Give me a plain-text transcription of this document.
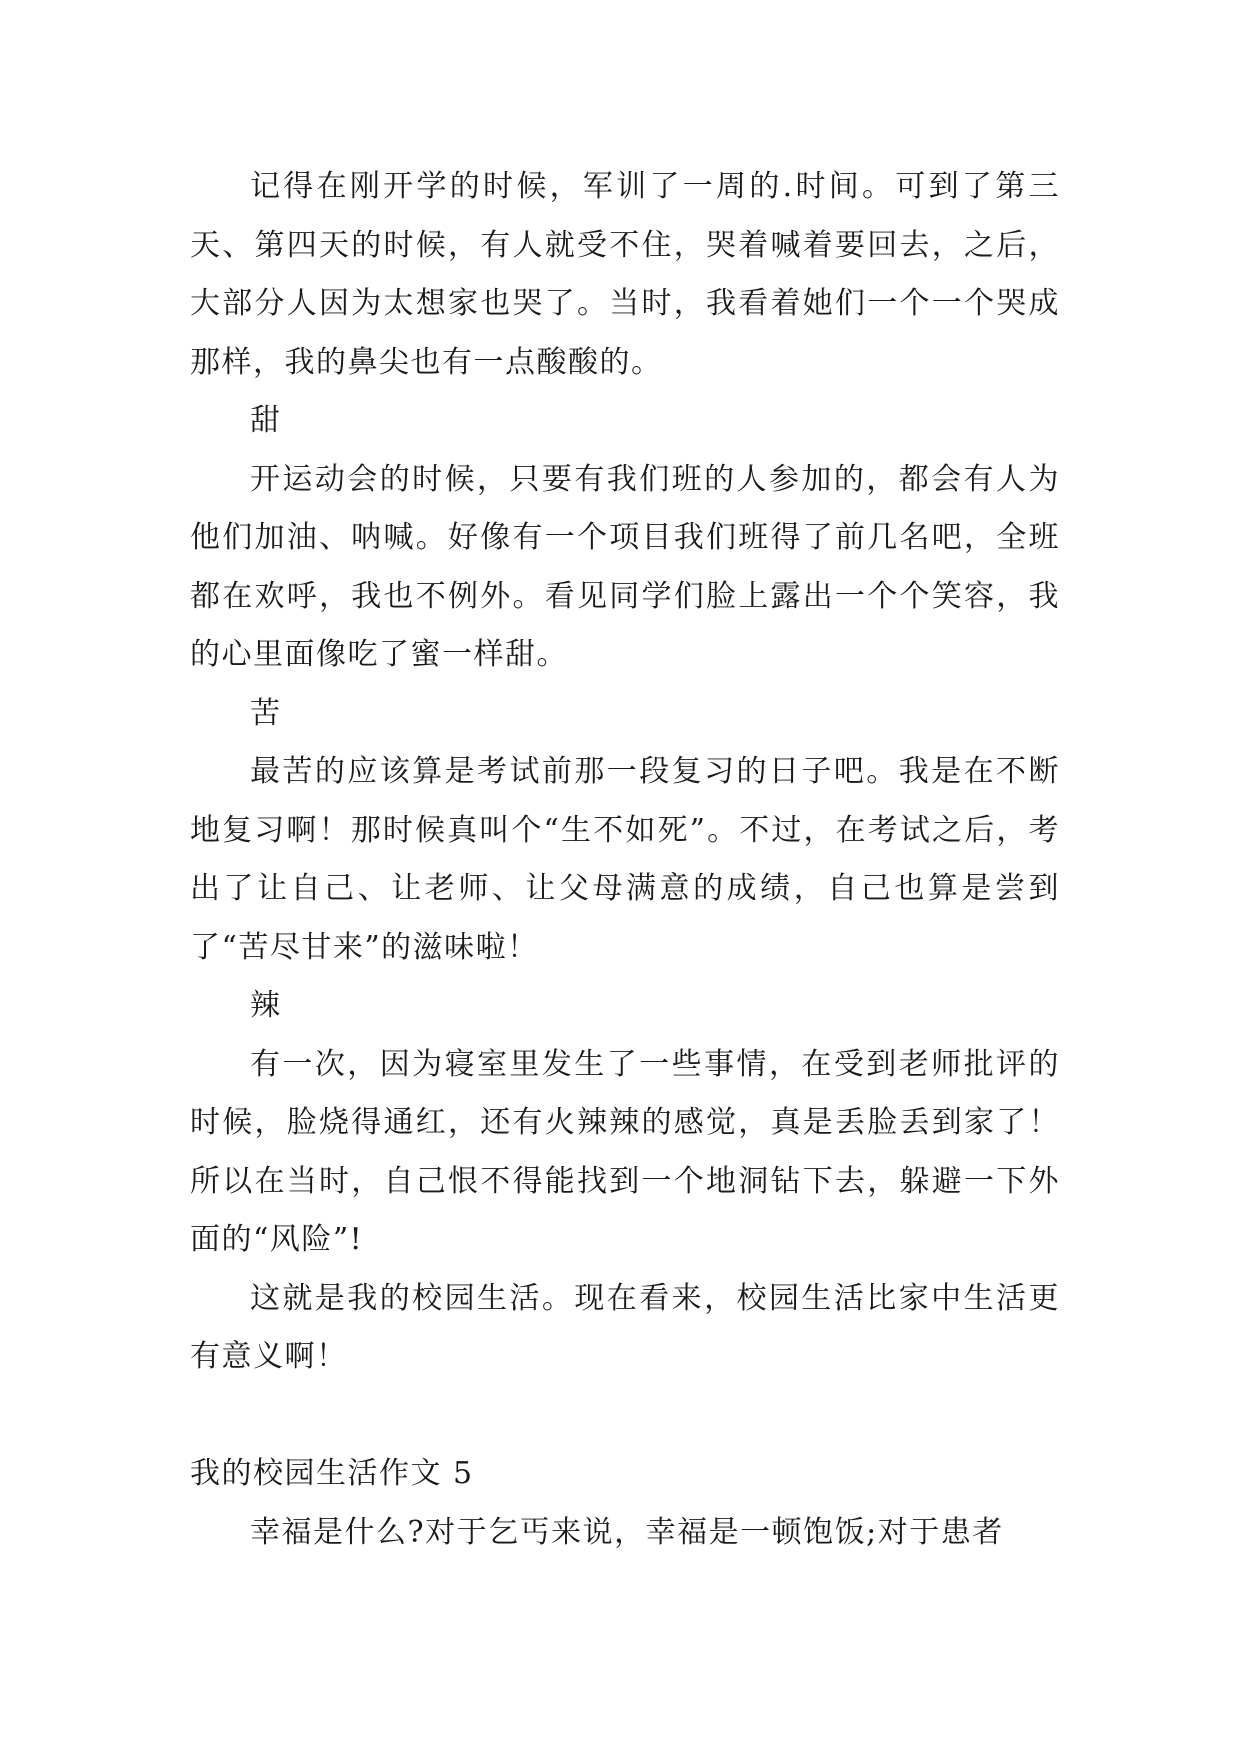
记得在刚开学的时候，军训了一周的.时间。可到了第三天、第四天的时候，有人就受不住，哭着喊着要回去，之后，大部分人因为太想家也哭了。当时，我看着她们一个一个哭成那样，我的鼻尖也有一点酸酸的。

甜

开运动会的时候，只要有我们班的人参加的，都会有人为他们加油、呐喊。好像有一个项目我们班得了前几名吧，全班都在欢呼，我也不例外。看见同学们脸上露出一个个笑容，我的心里面像吃了蜜一样甜。

苦

最苦的应该算是考试前那一段复习的日子吧。我是在不断地复习啊！那时候真叫个“生不如死”。不过，在考试之后，考出了让自己、让老师、让父母满意的成绩，自己也算是尝到了“苦尽甘来”的滋味啦！

辣

有一次，因为寝室里发生了一些事情，在受到老师批评的时候，脸烧得通红，还有火辣辣的感觉，真是丢脸丢到家了！所以在当时，自己恨不得能找到一个地洞钻下去，躲避一下外面的“风险”!

这就是我的校园生活。现在看来，校园生活比家中生活更有意义啊！

我的校园生活作文 5

幸福是什么?对于乞丐来说，幸福是一顿饱饭;对于患者
